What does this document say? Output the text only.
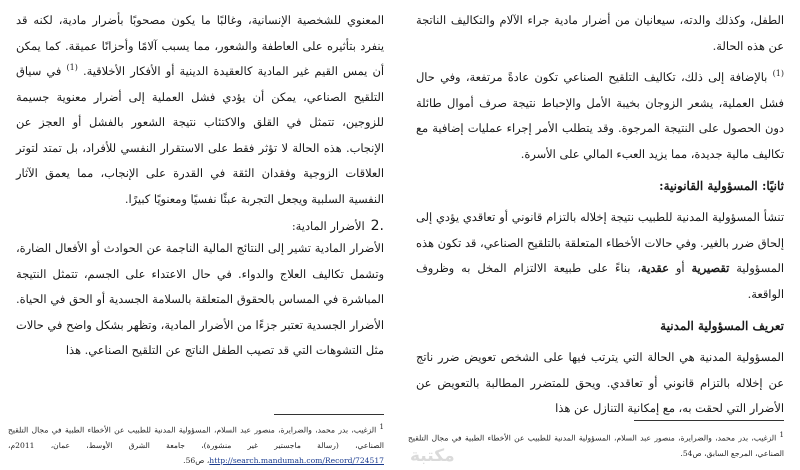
الطفل، وكذلك والدته، سيعانيان من أضرار مادية جراء الآلام والتكاليف الناتجة عن هذه الحالة.

$^{(1)}$ بالإضافة إلى ذلك، تكاليف التلقيح الصناعي تكون عادةً مرتفعة، وفي حال فشل العملية، يشعر الزوجان بخيبة الأمل والإحباط نتيجة صرف أموال طائلة دون الحصول على النتيجة المرجوة. وقد يتطلب الأمر إجراء عمليات إضافية مع تكاليف مالية جديدة، مما يزيد العبء المالي على الأسرة.

ثانيًا: المسؤولية القانونية:

تنشأ المسؤولية المدنية للطبيب نتيجة إخلاله بالتزام قانوني أو تعاقدي يؤدي إلى إلحاق ضرر بالغير. وفي حالات الأخطاء المتعلقة بالتلقيح الصناعي، قد تكون هذه المسؤولية تقصيرية أو عقدية، بناءً على طبيعة الالتزام المخل به وظروف الواقعة.

تعريف المسؤولية المدنية

المسؤولية المدنية هي الحالة التي يترتب فيها على الشخص تعويض ضرر ناتج عن إخلاله بالتزام قانوني أو تعاقدي. ويحق للمتضرر المطالبة بالتعويض عن الأضرار التي لحقت به، مع إمكانية التنازل عن هذا

1 الزغيب، بدر محمد، والضرايرة، منصور عبد السلام، المسؤولية المدنية للطبيب عن الأخطاء الطبية في مجال التلقيح الصناعي، المرجع السابق، ص54.

المعنوي للشخصية الإنسانية، وغالبًا ما يكون مصحوبًا بأضرار مادية، لكنه قد ينفرد بتأثيره على العاطفة والشعور، مما يسبب آلامًا وأحزانًا عميقة. كما يمكن أن يمس القيم غير المادية كالعقيدة الدينية أو الأفكار الأخلاقية. $^{(1)}$ في سياق التلقيح الصناعي، يمكن أن يؤدي فشل العملية إلى أضرار معنوية جسيمة للزوجين، تتمثل في القلق والاكتئاب نتيجة الشعور بالفشل أو العجز عن الإنجاب. هذه الحالة لا تؤثر فقط على الاستقرار النفسي للأفراد، بل تمتد لتوتر العلاقات الزوجية وفقدان الثقة في القدرة على الإنجاب، مما يعمق الآثار النفسية السلبية ويجعل التجربة عبئًا نفسيًا ومعنويًا كبيرًا.

2.
الأضرار المادية:

الأضرار المادية تشير إلى النتائج المالية الناجمة عن الحوادث أو الأفعال الضارة، وتشمل تكاليف العلاج والدواء. في حال الاعتداء على الجسم، تتمثل النتيجة المباشرة في المساس بالحقوق المتعلقة بالسلامة الجسدية أو الحق في الحياة. الأضرار الجسدية تعتبر جزءًا من الأضرار المادية، وتظهر بشكل واضح في حالات مثل التشوهات التي قد تصيب الطفل الناتج عن التلقيح الصناعي. هذا

1 الزغيب، بدر محمد، والضرايرة، منصور عبد السلام، المسؤولية المدنية للطبيب عن الأخطاء الطبية في مجال التلقيح الصناعي، (رسالة ماجستير غير منشورة)، جامعة الشرق الأوسط، عمان، 2011م، http://search.mandumah.com/Record/724517، ص56.	مكتبة
